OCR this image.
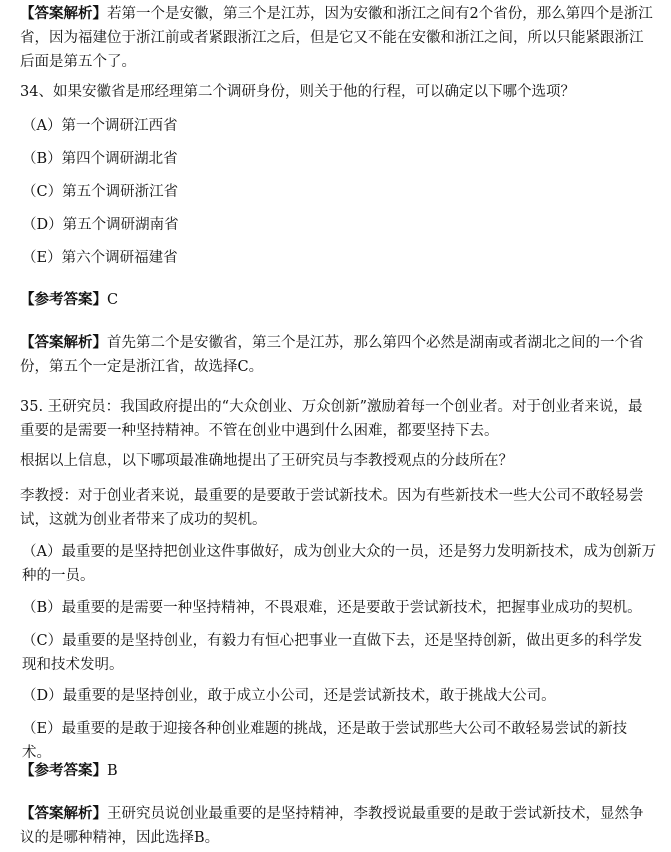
【答案解析】若第一个是安徽，第三个是江苏，因为安徽和浙江之间有2个省份，那么第四个是浙江省，因为福建位于浙江前或者紧跟浙江之后，但是它又不能在安徽和浙江之间，所以只能紧跟浙江后面是第五个了。

34、如果安徽省是邢经理第二个调研身份，则关于他的行程，可以确定以下哪个选项？

（A）第一个调研江西省

（B）第四个调研湖北省

（C）第五个调研浙江省

（D）第五个调研湖南省

（E）第六个调研福建省

【参考答案】C

【答案解析】首先第二个是安徽省，第三个是江苏，那么第四个必然是湖南或者湖北之间的一个省份，第五个一定是浙江省，故选择C。

35. 王研究员：我国政府提出的“大众创业、万众创新”激励着每一个创业者。对于创业者来说，最重要的是需要一种坚持精神。不管在创业中遇到什么困难，都要坚持下去。

根据以上信息，以下哪项最准确地提出了王研究员与李教授观点的分歧所在？

李教授：对于创业者来说，最重要的是要敢于尝试新技术。因为有些新技术一些大公司不敢轻易尝试，这就为创业者带来了成功的契机。

（A）最重要的是坚持把创业这件事做好，成为创业大众的一员，还是努力发明新技术，成为创新万种的一员。

（B）最重要的是需要一种坚持精神，不畏艰难，还是要敢于尝试新技术，把握事业成功的契机。

（C）最重要的是坚持创业，有毅力有恒心把事业一直做下去，还是坚持创新，做出更多的科学发现和技术发明。

（D）最重要的是坚持创业，敢于成立小公司，还是尝试新技术，敢于挑战大公司。

（E）最重要的是敢于迎接各种创业难题的挑战，还是敢于尝试那些大公司不敢轻易尝试的新技术。

【参考答案】B

【答案解析】王研究员说创业最重要的是坚持精神，李教授说最重要的是敢于尝试新技术，显然争议的是哪种精神，因此选择B。
